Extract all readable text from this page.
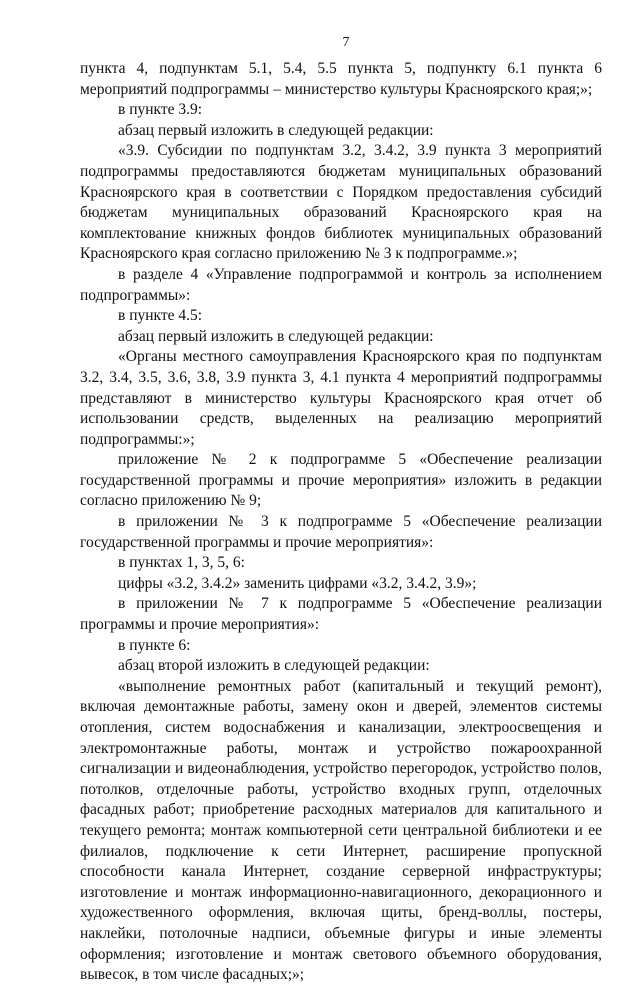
7

пункта 4, подпунктам 5.1, 5.4, 5.5 пункта 5, подпункту 6.1 пункта 6 мероприятий подпрограммы – министерство культуры Красноярского края;»;

в пункте 3.9:

абзац первый изложить в следующей редакции:

«3.9. Субсидии по подпунктам 3.2, 3.4.2, 3.9 пункта 3 мероприятий подпрограммы предоставляются бюджетам муниципальных образований Красноярского края в соответствии с Порядком предоставления субсидий бюджетам муниципальных образований Красноярского края на комплектование книжных фондов библиотек муниципальных образований Красноярского края согласно приложению № 3 к подпрограмме.»;

в разделе 4 «Управление подпрограммой и контроль за исполнением подпрограммы»:

в пункте 4.5:

абзац первый изложить в следующей редакции:

«Органы местного самоуправления Красноярского края по подпунктам 3.2, 3.4, 3.5, 3.6, 3.8, 3.9 пункта 3, 4.1 пункта 4 мероприятий подпрограммы представляют в министерство культуры Красноярского края отчет об использовании средств, выделенных на реализацию мероприятий подпрограммы:»;

приложение № 2 к подпрограмме 5 «Обеспечение реализации государственной программы и прочие мероприятия» изложить в редакции согласно приложению № 9;

в приложении № 3 к подпрограмме 5 «Обеспечение реализации государственной программы и прочие мероприятия»:

в пунктах 1, 3, 5, 6:

цифры «3.2, 3.4.2» заменить цифрами «3.2, 3.4.2, 3.9»;

в приложении № 7 к подпрограмме 5 «Обеспечение реализации программы и прочие мероприятия»:

в пункте 6:

абзац второй изложить в следующей редакции:

«выполнение ремонтных работ (капитальный и текущий ремонт), включая демонтажные работы, замену окон и дверей, элементов системы отопления, систем водоснабжения и канализации, электроосвещения и электромонтажные работы, монтаж и устройство пожароохранной сигнализации и видеонаблюдения, устройство перегородок, устройство полов, потолков, отделочные работы, устройство входных групп, отделочных фасадных работ; приобретение расходных материалов для капитального и текущего ремонта; монтаж компьютерной сети центральной библиотеки и ее филиалов, подключение к сети Интернет, расширение пропускной способности канала Интернет, создание серверной инфраструктуры; изготовление и монтаж информационно-навигационного, декорационного и художественного оформления, включая щиты, бренд-воллы, постеры, наклейки, потолочные надписи, объемные фигуры и иные элементы оформления; изготовление и монтаж светового объемного оборудования, вывесок, в том числе фасадных;»;
